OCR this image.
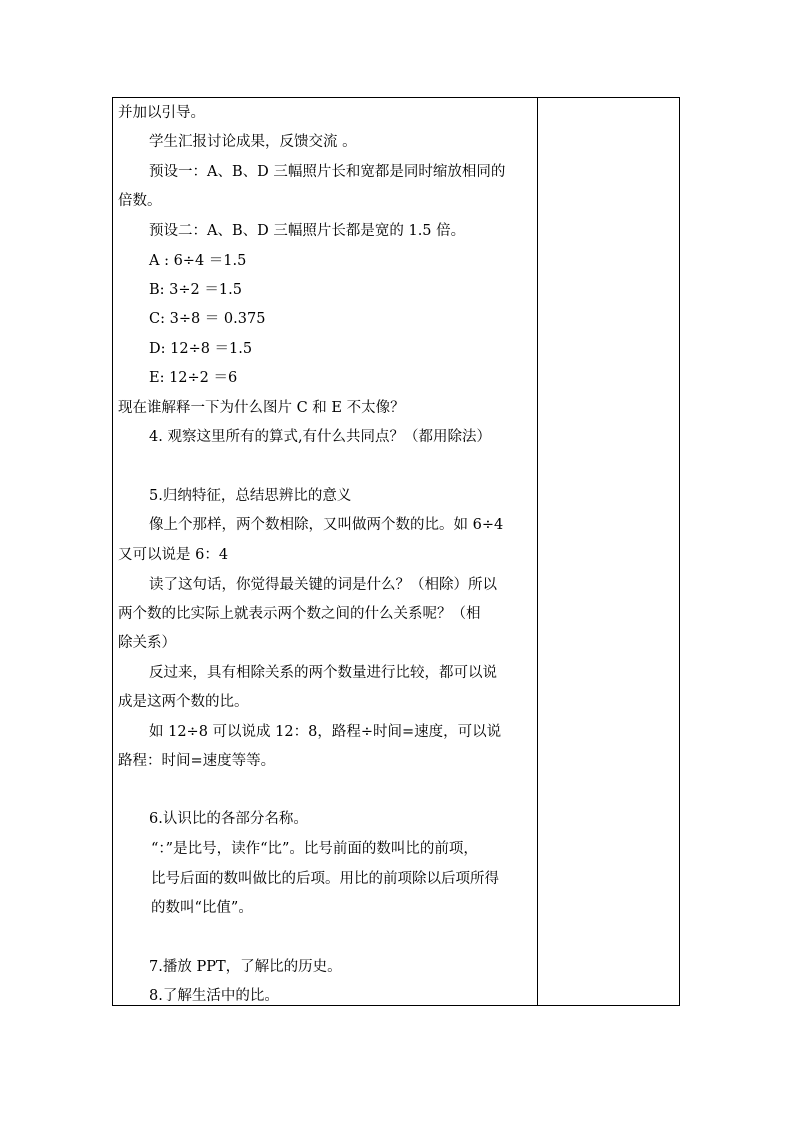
并加以引导。
学生汇报讨论成果，反馈交流 。
预设一：A、B、D 三幅照片长和宽都是同时缩放相同的
倍数。
预设二：A、B、D 三幅照片长都是宽的 1.5 倍。
A : 6÷4 ＝1.5
B: 3÷2 ＝1.5
C: 3÷8 ＝ 0.375
D: 12÷8 ＝1.5
E: 12÷2 ＝6
现在谁解释一下为什么图片 C 和 E 不太像？
4. 观察这里所有的算式,有什么共同点？（都用除法）
5.归纳特征，总结思辨比的意义
像上个那样，两个数相除，又叫做两个数的比。如 6÷4
又可以说是 6：4
读了这句话，你觉得最关键的词是什么？（相除）所以
两个数的比实际上就表示两个数之间的什么关系呢？（相
除关系）
反过来，具有相除关系的两个数量进行比较，都可以说
成是这两个数的比。
如 12÷8 可以说成 12：8，路程÷时间=速度，可以说
路程：时间=速度等等。
6.认识比的各部分名称。
“：”是比号，读作“比”。比号前面的数叫比的前项，
比号后面的数叫做比的后项。用比的前项除以后项所得
的数叫“比值”。
7.播放 PPT，了解比的历史。
8.了解生活中的比。
